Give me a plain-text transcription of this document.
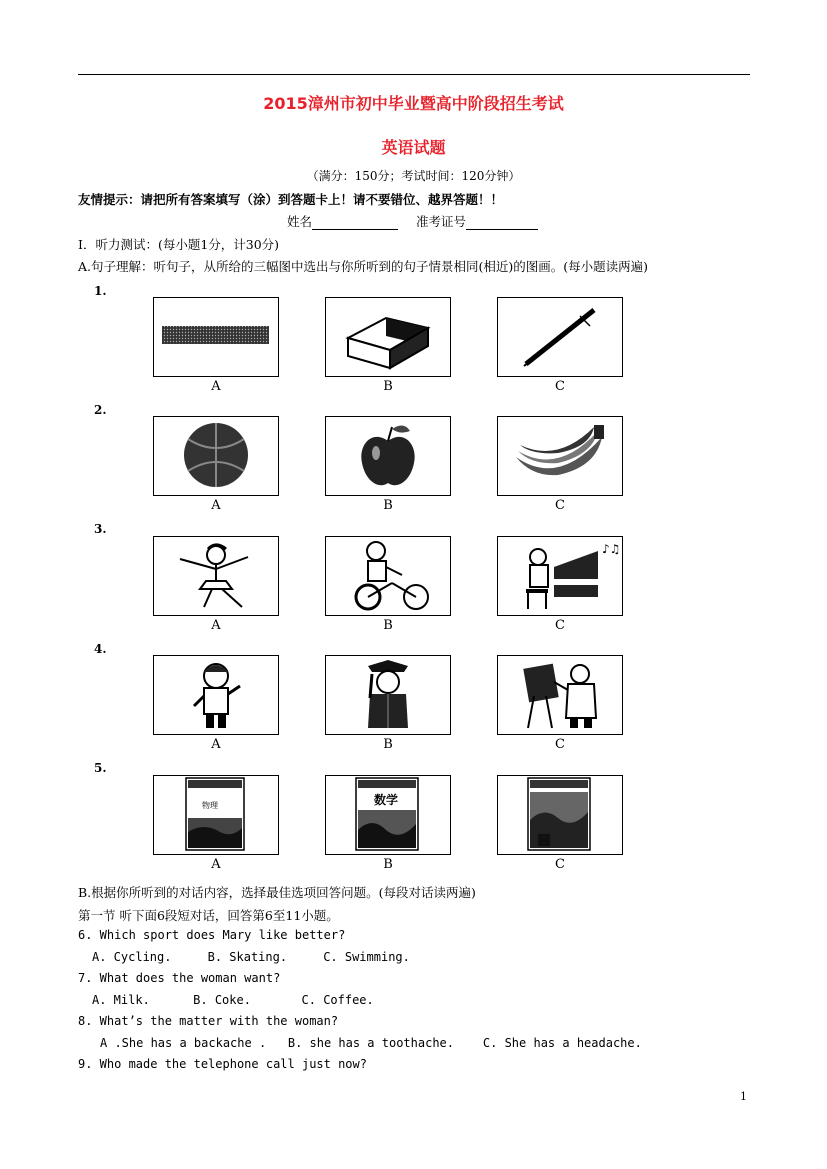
2015漳州市初中毕业暨高中阶段招生考试
英语试题
（满分：150分；考试时间：120分钟）
友情提示：请把所有答案填写（涂）到答题卡上！请不要错位、越界答题！！
姓名	准考证号
Ⅰ．听力测试：(每小题1分，计30分)
A.句子理解：听句子，从所给的三幅图中选出与你所听到的句子情景相同(相近)的图画。(每小题读两遍)
1.
A	B	C
2.
A	B	C
3.
♪♫
A	B	C
4.
A	B	C
5.
物理	数学
A	B	C
B.根据你所听到的对话内容，选择最佳选项回答问题。(每段对话读两遍)
第一节 听下面6段短对话，回答第6至11小题。
6. Which sport does Mary like better?
A. Cycling.     B. Skating.     C. Swimming.
7. What does the woman want?
A. Milk.      B. Coke.       C. Coffee.
8. What’s the matter with the woman?
A .She has a backache .   B. she has a toothache.    C. She has a headache.
9. Who made the telephone call just now?
1
